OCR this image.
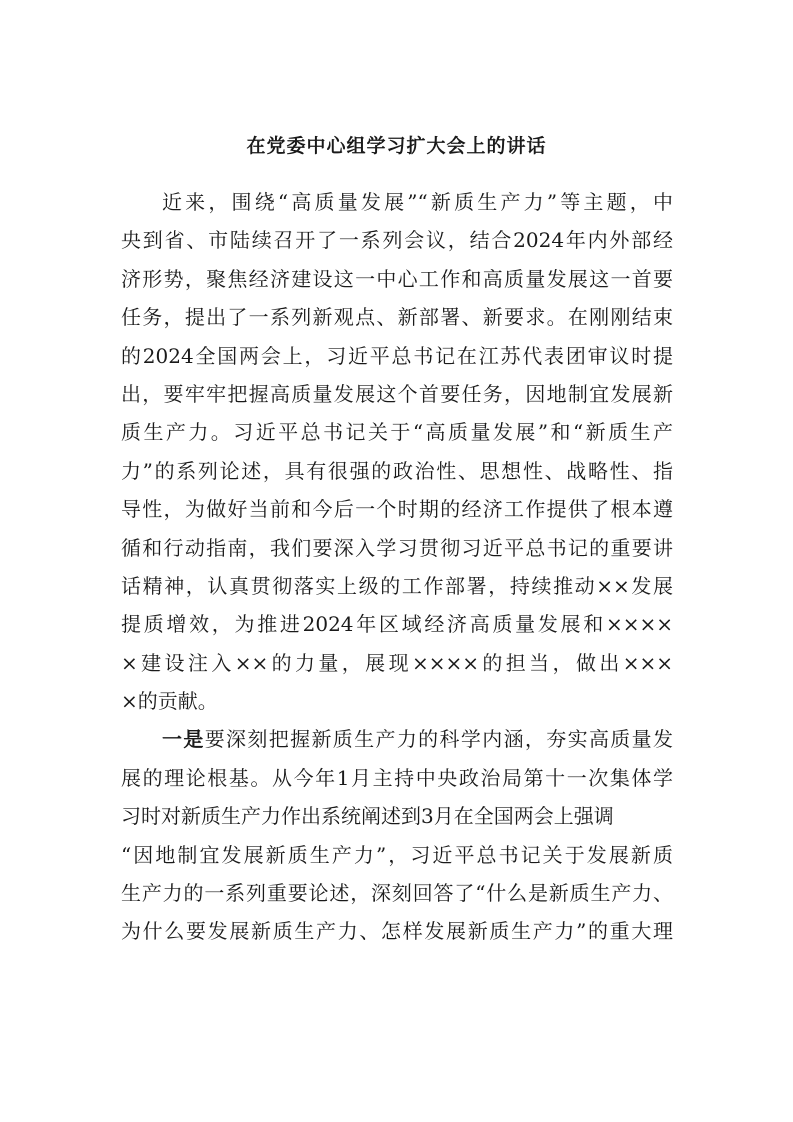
在党委中心组学习扩大会上的讲话
近来，围绕“高质量发展”“新质生产力”等主题，中
央到省、市陆续召开了一系列会议，结合2024年内外部经
济形势，聚焦经济建设这一中心工作和高质量发展这一首要
任务，提出了一系列新观点、新部署、新要求。在刚刚结束
的2024全国两会上，习近平总书记在江苏代表团审议时提
出，要牢牢把握高质量发展这个首要任务，因地制宜发展新
质生产力。习近平总书记关于“高质量发展”和“新质生产
力”的系列论述，具有很强的政治性、思想性、战略性、指
导性，为做好当前和今后一个时期的经济工作提供了根本遵
循和行动指南，我们要深入学习贯彻习近平总书记的重要讲
话精神，认真贯彻落实上级的工作部署，持续推动××发展
提质增效，为推进2024年区域经济高质量发展和××××
×建设注入××的力量，展现××××的担当，做出×××
×的贡献。
一是要深刻把握新质生产力的科学内涵，夯实高质量发
展的理论根基。从今年1月主持中央政治局第十一次集体学
习时对新质生产力作出系统阐述到3月在全国两会上强调
“因地制宜发展新质生产力”，习近平总书记关于发展新质
生产力的一系列重要论述，深刻回答了“什么是新质生产力、
为什么要发展新质生产力、怎样发展新质生产力”的重大理
